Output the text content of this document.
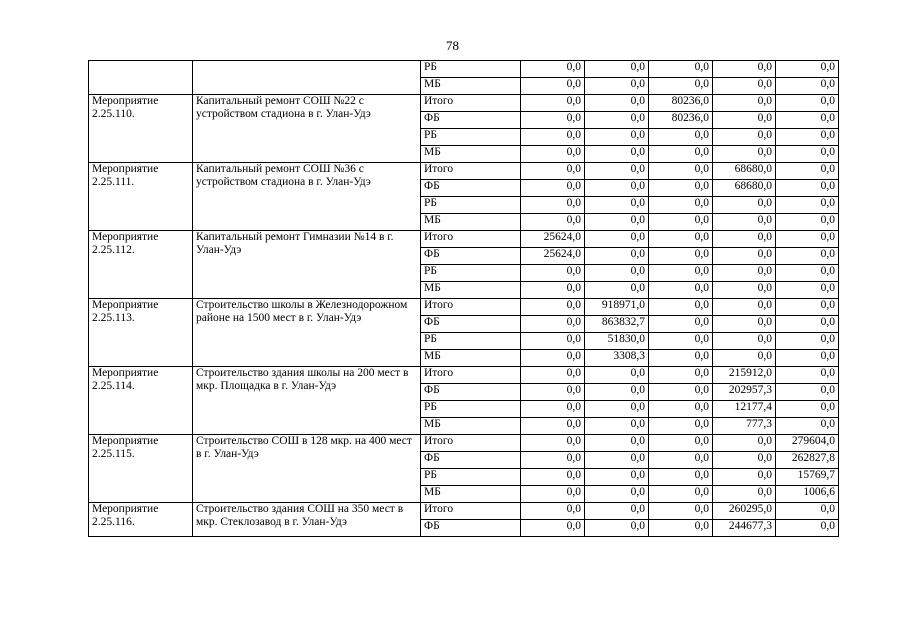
78
		РБ	0,0	0,0	0,0	0,0	0,0
		МБ	0,0	0,0	0,0	0,0	0,0
Мероприятие 2.25.110.	Капитальный ремонт СОШ №22 с устройством стадиона в г. Улан-Удэ	Итого	0,0	0,0	80236,0	0,0	0,0
		ФБ	0,0	0,0	80236,0	0,0	0,0
		РБ	0,0	0,0	0,0	0,0	0,0
		МБ	0,0	0,0	0,0	0,0	0,0
Мероприятие 2.25.111.	Капитальный ремонт СОШ №36 с устройством стадиона в г. Улан-Удэ	Итого	0,0	0,0	0,0	68680,0	0,0
		ФБ	0,0	0,0	0,0	68680,0	0,0
		РБ	0,0	0,0	0,0	0,0	0,0
		МБ	0,0	0,0	0,0	0,0	0,0
Мероприятие 2.25.112.	Капитальный ремонт Гимназии №14 в г. Улан-Удэ	Итого	25624,0	0,0	0,0	0,0	0,0
		ФБ	25624,0	0,0	0,0	0,0	0,0
		РБ	0,0	0,0	0,0	0,0	0,0
		МБ	0,0	0,0	0,0	0,0	0,0
Мероприятие 2.25.113.	Строительство школы в Железнодорожном районе на 1500 мест в г. Улан-Удэ	Итого	0,0	918971,0	0,0	0,0	0,0
		ФБ	0,0	863832,7	0,0	0,0	0,0
		РБ	0,0	51830,0	0,0	0,0	0,0
		МБ	0,0	3308,3	0,0	0,0	0,0
Мероприятие 2.25.114.	Строительство здания школы на 200 мест в мкр. Площадка в г. Улан-Удэ	Итого	0,0	0,0	0,0	215912,0	0,0
		ФБ	0,0	0,0	0,0	202957,3	0,0
		РБ	0,0	0,0	0,0	12177,4	0,0
		МБ	0,0	0,0	0,0	777,3	0,0
Мероприятие 2.25.115.	Строительство СОШ в 128 мкр. на 400 мест в г. Улан-Удэ	Итого	0,0	0,0	0,0	0,0	279604,0
		ФБ	0,0	0,0	0,0	0,0	262827,8
		РБ	0,0	0,0	0,0	0,0	15769,7
		МБ	0,0	0,0	0,0	0,0	1006,6
Мероприятие 2.25.116.	Строительство здания СОШ на 350 мест в мкр. Стеклозавод в г. Улан-Удэ	Итого	0,0	0,0	0,0	260295,0	0,0
		ФБ	0,0	0,0	0,0	244677,3	0,0
